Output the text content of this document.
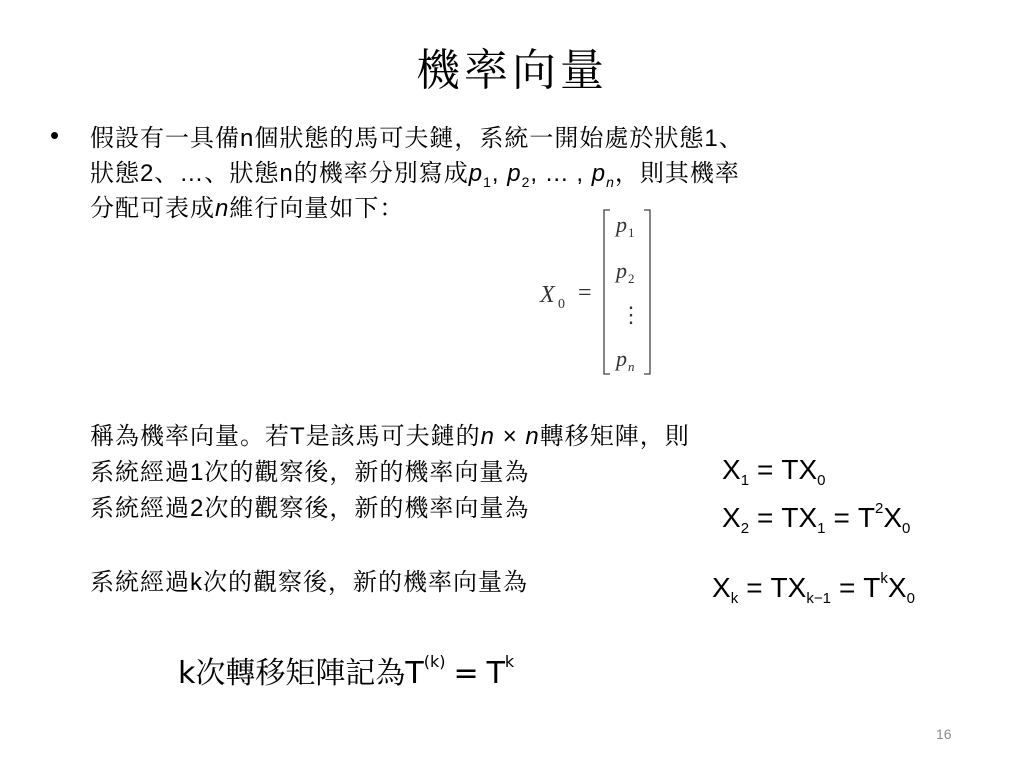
機率向量
• 假設有一具備n個狀態的馬可夫鏈，系統一開始處於狀態1、
狀態2、…、狀態n的機率分別寫成$p_1$, $p_2$, ... , $p_n$，則其機率
分配可表成n維行向量如下：
X 0 =
p 1
p 2
⋮
p n
稱為機率向量。若T是該馬可夫鏈的n × n轉移矩陣，則
系統經過1次的觀察後，新的機率向量為
系統經過2次的觀察後，新的機率向量為
系統經過k次的觀察後，新的機率向量為
$X_1 = TX_0$
$X_2 = TX_1 = T^2X_0$
$X_k = TX_{k-1} = T^kX_0$
k次轉移矩陣記為$T^{(k)} = T^k$
16
